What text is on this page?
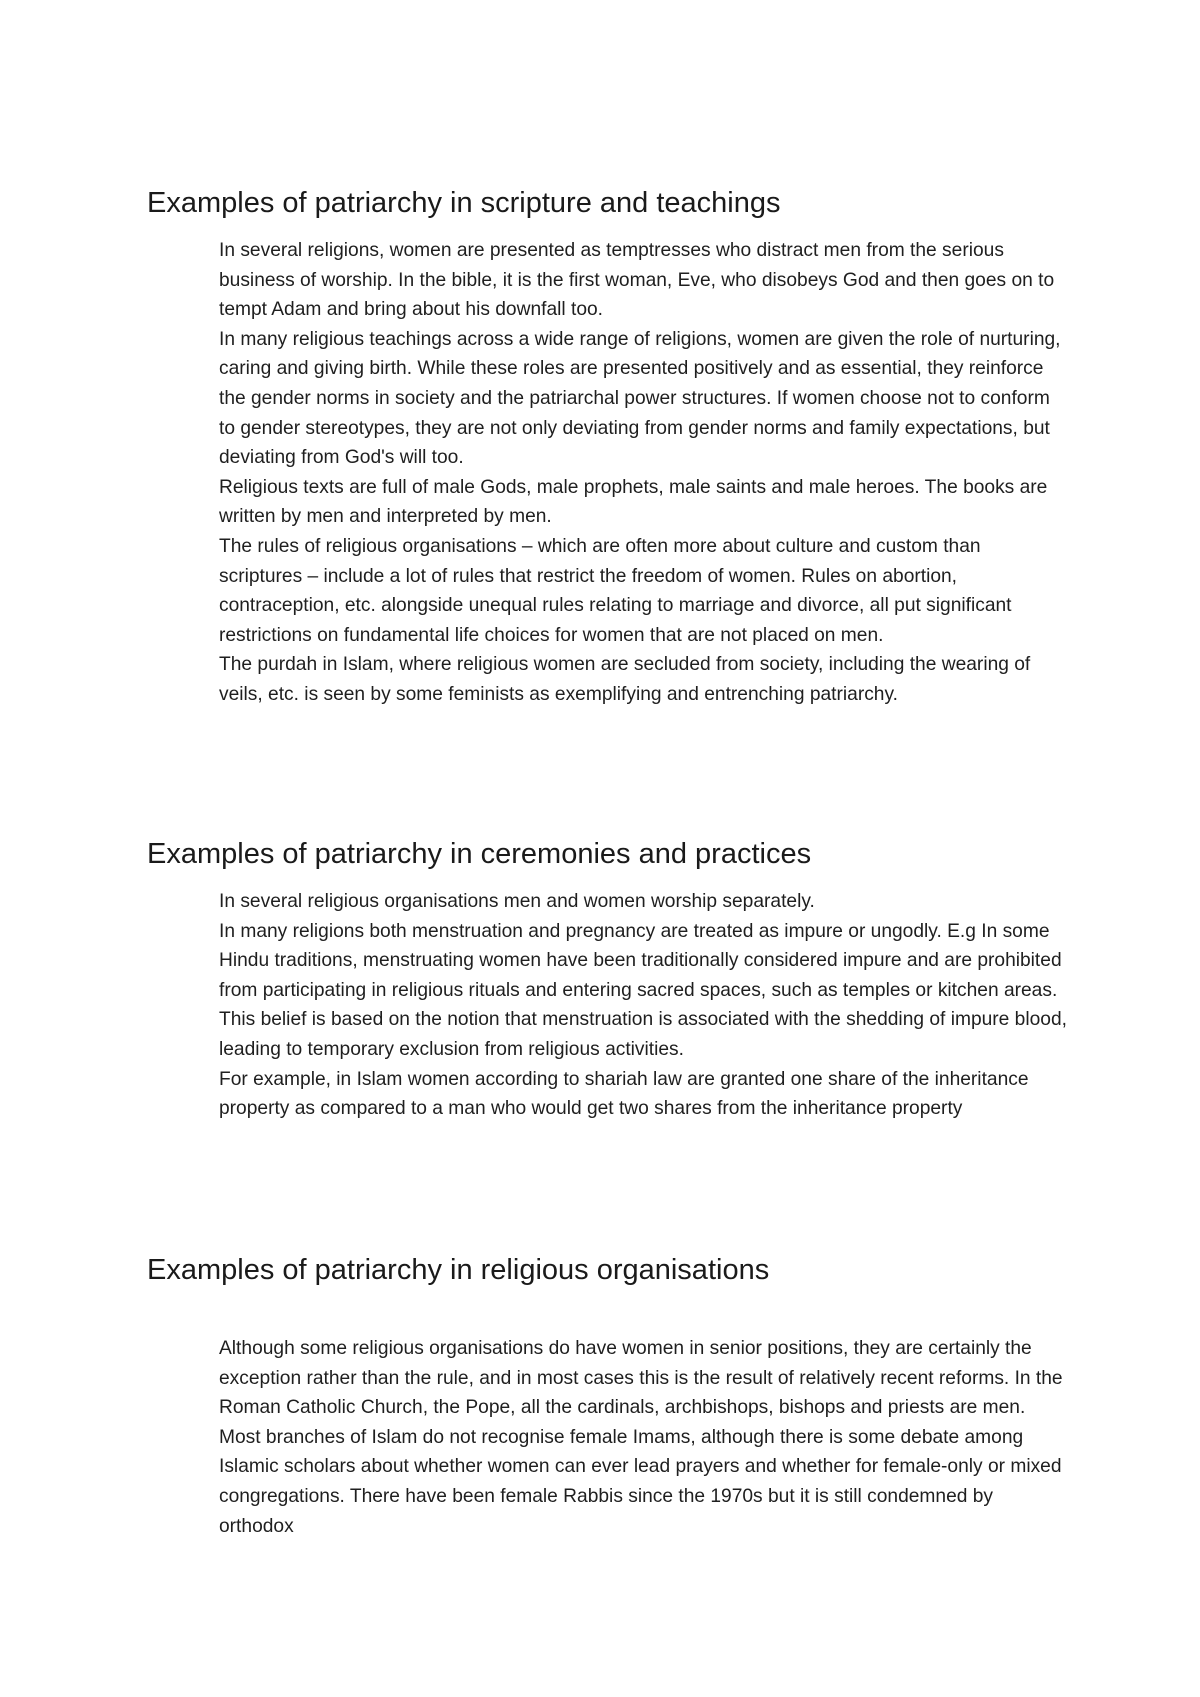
Examples of patriarchy in scripture and teachings

In several religions, women are presented as temptresses who distract men from the serious business of worship. In the bible, it is the first woman, Eve, who disobeys God and then goes on to tempt Adam and bring about his downfall too.

In many religious teachings across a wide range of religions, women are given the role of nurturing, caring and giving birth. While these roles are presented positively and as essential, they reinforce the gender norms in society and the patriarchal power structures. If women choose not to conform to gender stereotypes, they are not only deviating from gender norms and family expectations, but deviating from God's will too.

Religious texts are full of male Gods, male prophets, male saints and male heroes. The books are written by men and interpreted by men.

The rules of religious organisations – which are often more about culture and custom than scriptures – include a lot of rules that restrict the freedom of women. Rules on abortion, contraception, etc. alongside unequal rules relating to marriage and divorce, all put significant restrictions on fundamental life choices for women that are not placed on men.

The purdah in Islam, where religious women are secluded from society, including the wearing of veils, etc. is seen by some feminists as exemplifying and entrenching patriarchy.

Examples of patriarchy in ceremonies and practices

In several religious organisations men and women worship separately.

In many religions both menstruation and pregnancy are treated as impure or ungodly. E.g In some Hindu traditions, menstruating women have been traditionally considered impure and are prohibited from participating in religious rituals and entering sacred spaces, such as temples or kitchen areas. This belief is based on the notion that menstruation is associated with the shedding of impure blood, leading to temporary exclusion from religious activities.

For example, in Islam women according to shariah law are granted one share of the inheritance property as compared to a man who would get two shares from the inheritance property

Examples of patriarchy in religious organisations

Although some religious organisations do have women in senior positions, they are certainly the exception rather than the rule, and in most cases this is the result of relatively recent reforms. In the Roman Catholic Church, the Pope, all the cardinals, archbishops, bishops and priests are men. Most branches of Islam do not recognise female Imams, although there is some debate among Islamic scholars about whether women can ever lead prayers and whether for female-only or mixed congregations. There have been female Rabbis since the 1970s but it is still condemned by orthodox
